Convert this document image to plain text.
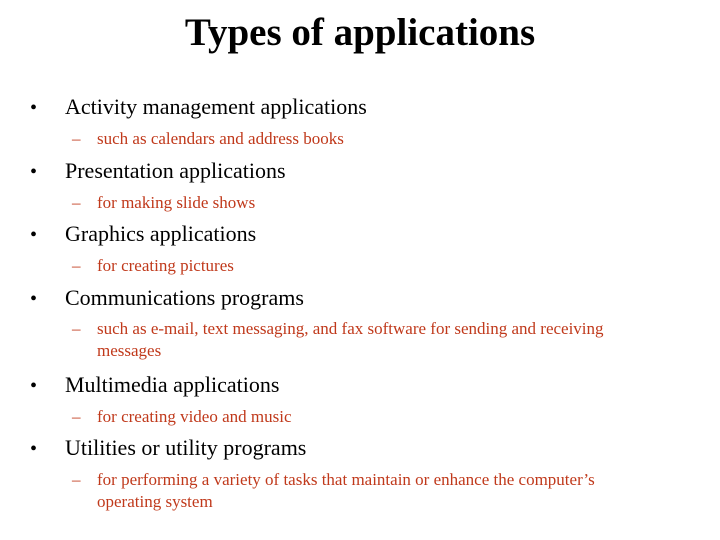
Types of applications
• Activity management applications
– such as calendars and address books
• Presentation applications
– for making slide shows
• Graphics applications
– for creating pictures
• Communications programs
– such as e-mail, text messaging, and fax software for sending and receiving messages
• Multimedia applications
– for creating video and music
• Utilities or utility programs
– for performing a variety of tasks that maintain or enhance the computer’s operating system
